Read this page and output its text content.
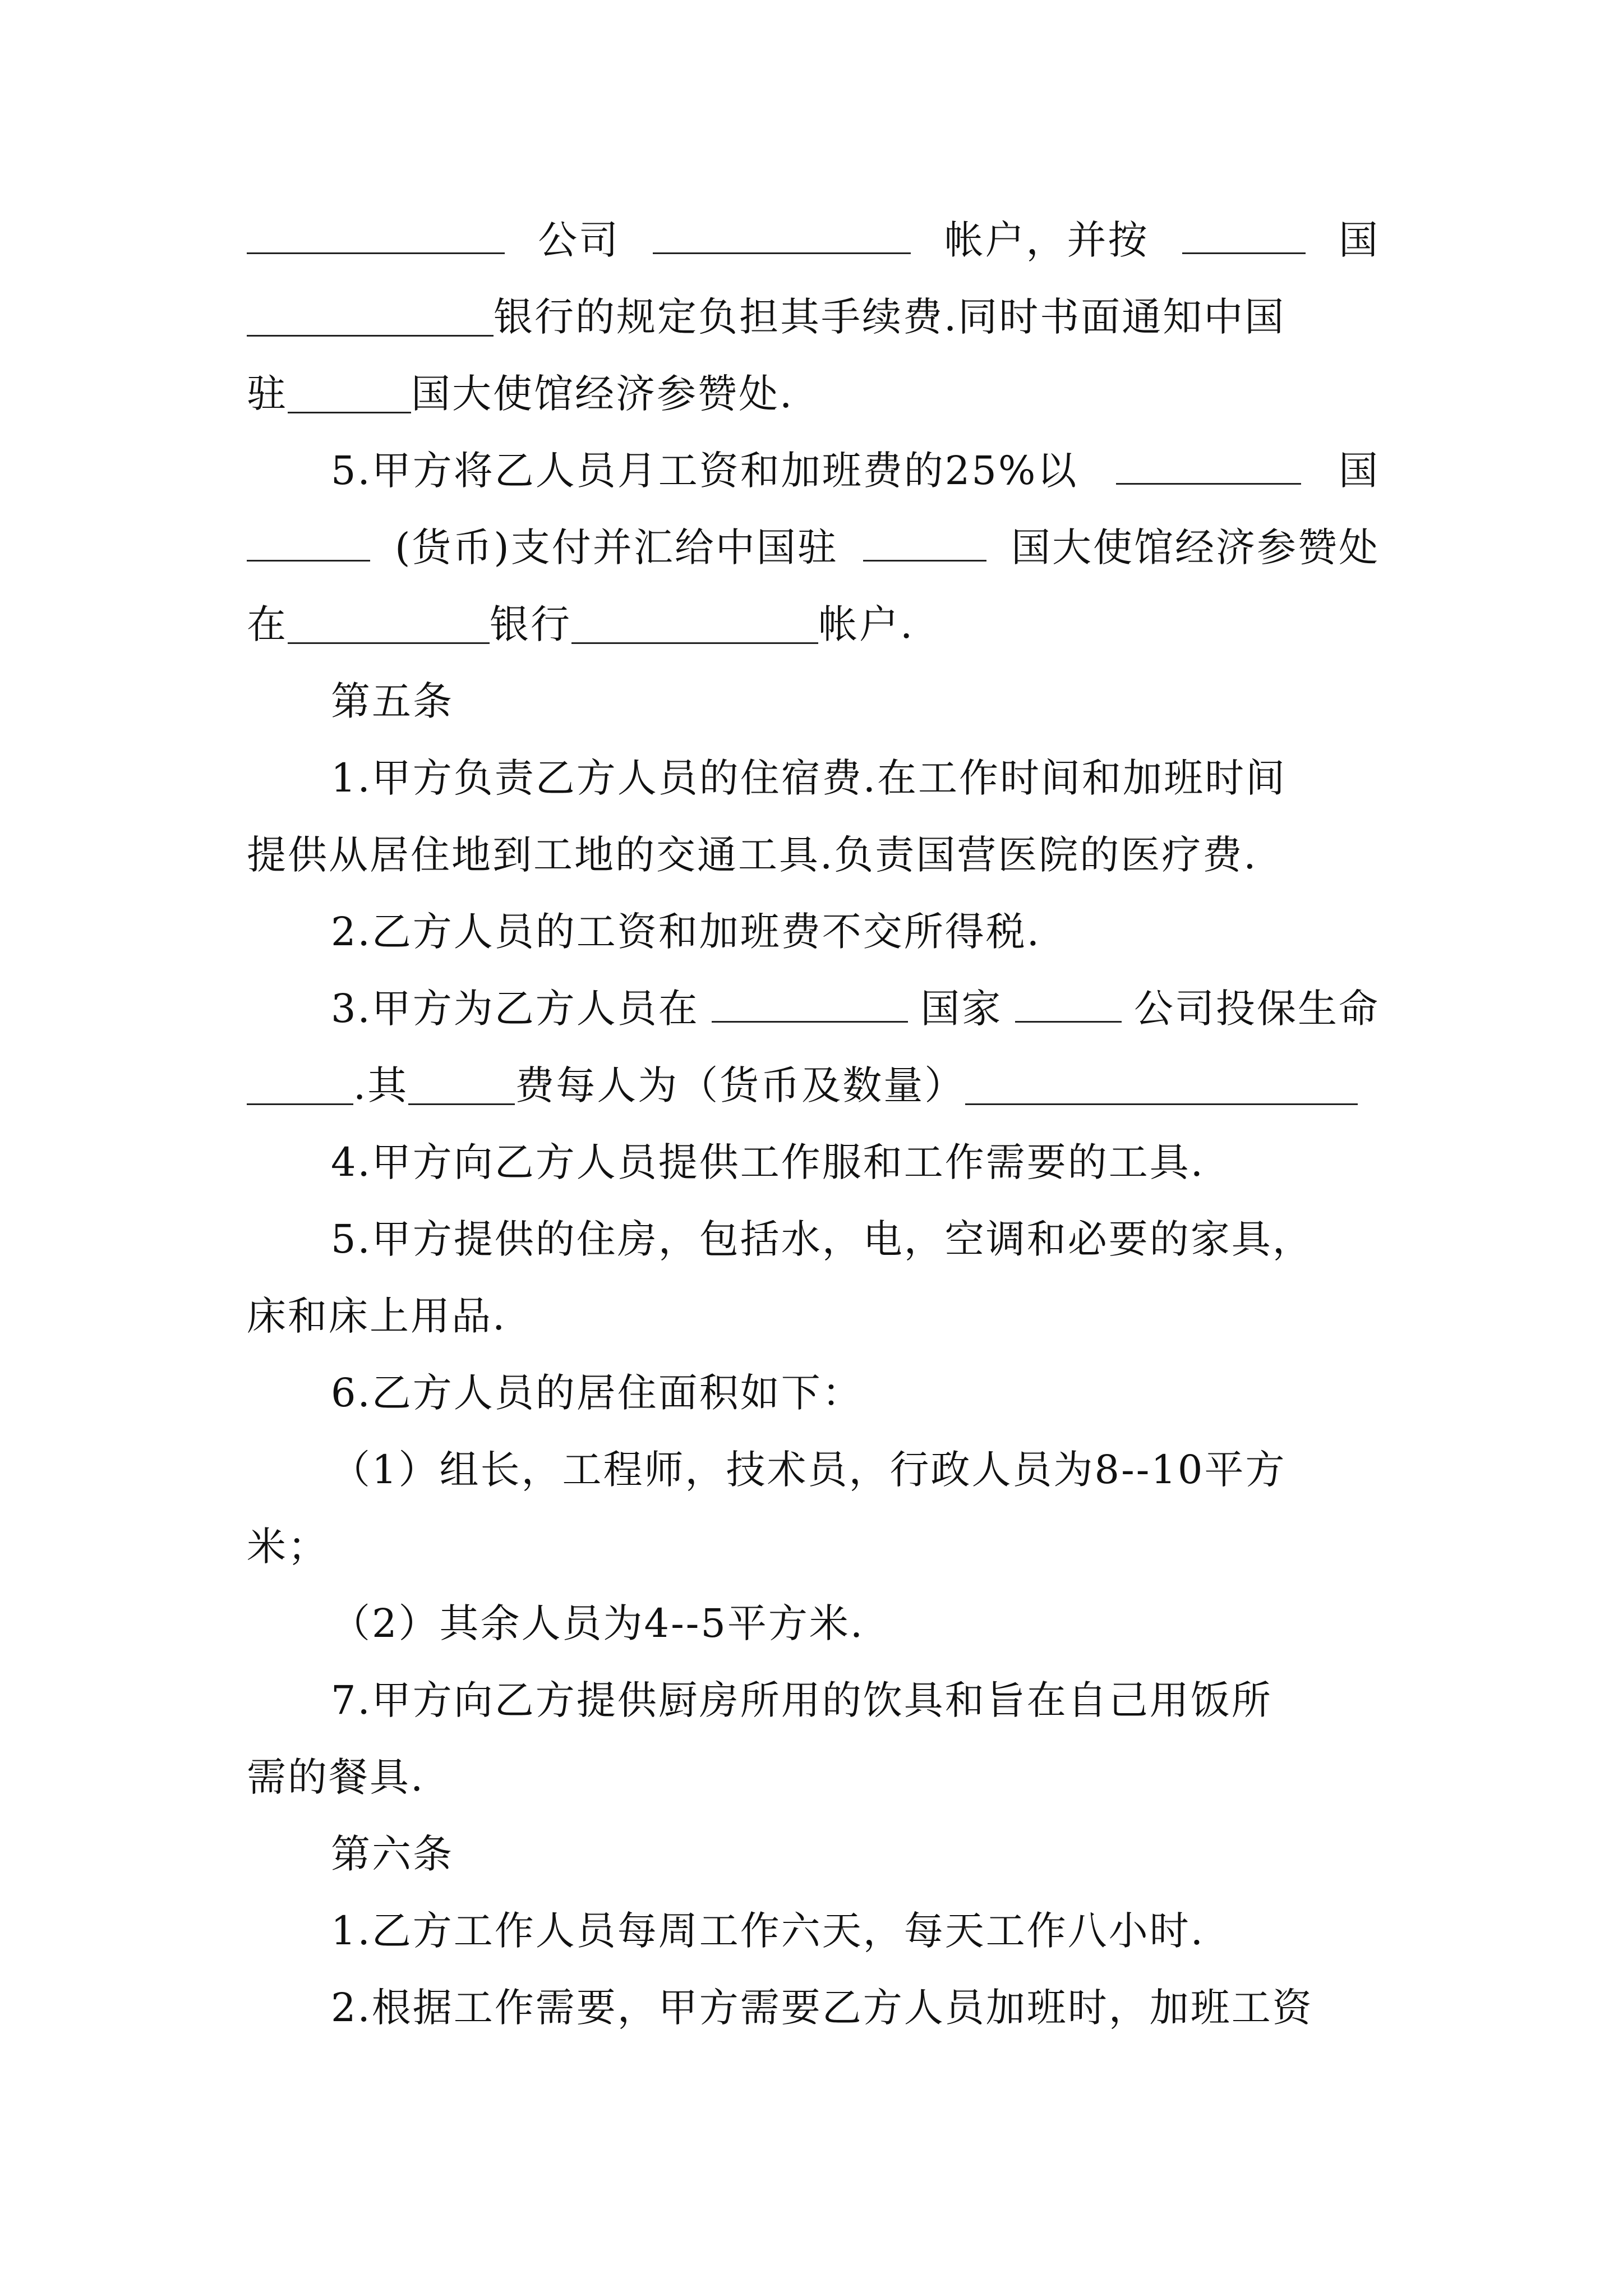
公司	帐户，并按	国
银行的规定负担其手续费.同时书面通知中国
驻	国大使馆经济参赞处.
5.甲方将乙人员月工资和加班费的25%以	国
(货币)支付并汇给中国驻	国大使馆经济参赞处
在	银行	帐户.
第五条
1.甲方负责乙方人员的住宿费.在工作时间和加班时间
提供从居住地到工地的交通工具.负责国营医院的医疗费.
2.乙方人员的工资和加班费不交所得税.
3.甲方为乙方人员在	国家	公司投保生命
.其	费每人为（货币及数量）
4.甲方向乙方人员提供工作服和工作需要的工具.
5.甲方提供的住房，包括水，电，空调和必要的家具，
床和床上用品.
6.乙方人员的居住面积如下：
（1）组长，工程师，技术员，行政人员为8--10平方
米；
（2）其余人员为4--5平方米.
7.甲方向乙方提供厨房所用的饮具和旨在自己用饭所
需的餐具.
第六条
1.乙方工作人员每周工作六天，每天工作八小时.
2.根据工作需要，甲方需要乙方人员加班时，加班工资
